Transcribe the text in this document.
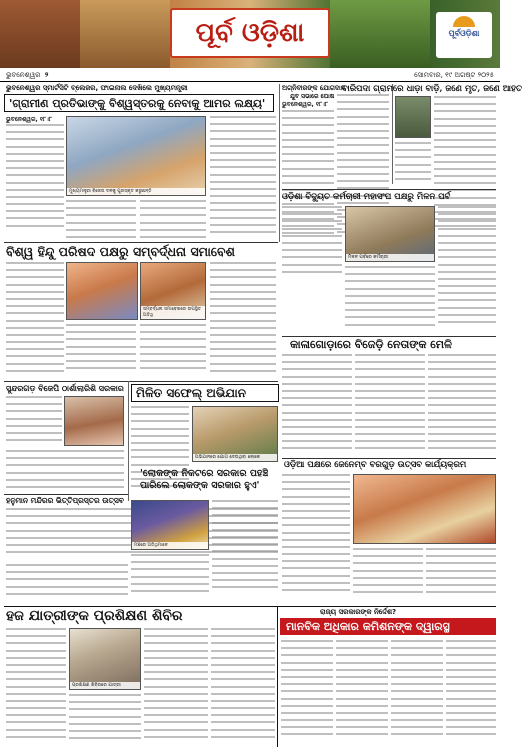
ପୂର୍ବ ଓଡ଼ିଶା	ପୂର୍ବଓଡ଼ିଶା
ଭୁବନେଶ୍ୱର ୨	ସୋମବାର, ୧୯ ଅଗଷ୍ଟ ୨୦୨୫
ଭୁବନେଶ୍ୱର ସ୍ମାର୍ଟସିଟି ବ୍ଲେଜର, ଫାଇନାଲ ଦେଖିଲେ ମୁଖ୍ୟମନ୍ତ୍ରୀ
'ଗ୍ରାମୀଣ ପ୍ରତିଭାଙ୍କୁ ବିଶ୍ୱସ୍ତରକୁ ନେବାକୁ ଆମର ଲକ୍ଷ୍ୟ'
ଭୁବନେଶ୍ୱର, ୧୮।୮
ମୁଖ୍ୟମନ୍ତ୍ରୀ ବିଜେତା ଦଳକୁ ପୁରସ୍କୃତ କରୁଛନ୍ତି
ଅଗ୍ନିବୀରଙ୍କ ଯୋଗଦାନ
ଯୁବ ସଭାରେ ଘୋଷ
ଭୁବନେଶ୍ୱର, ୧୮।୮
ବାରିପଦା ଗ୍ରାମରେ ଧାଡ଼ା ବାଡ଼ି, ଜଣେ ମୃତ, ଜଣେ ଆହତ
ଓଡ଼ିଶା ବିଦ୍ୟୁତ କର୍ମଚାରୀ ମହାସଂଘ ପକ୍ଷରୁ ମିଳନ ପର୍ବ
ମିଳନ ପର୍ବରେ କର୍ମଚାରୀ
ବିଶ୍ୱ ହିନ୍ଦୁ ପରିଷଦ ପକ୍ଷରୁ ସମ୍ବର୍ଦ୍ଧନା ସମାବେଶ
ସମ୍ବର୍ଦ୍ଧନା ସମାବେଶରେ ଉପସ୍ଥିତ ଅତିଥି
କାଳାଗୋଡ଼ାରେ ବିଜେଡ଼ି ନେତାଙ୍କ ମେଳି
ସୁନ୍ଦରଗଡ଼ ବିଜେପି ଠାର୍ଶାଲାରିଶି ସରକାର	ମିଳିତ ସଫେଲ୍ ଅଭିଯାନ
ଅଭିଯାନରେ ଯୋଗ ଦେଉଥିବା ଲୋକେ
ହନୁମାନ ମନ୍ଦିରର ଭିତ୍ତିପ୍ରସ୍ତର ଉତ୍ସବ
'ଲୋକଙ୍କ ନିକଟରେ ସରକାର ପହଞ୍ଚି ପାରିଲେ ଲୋକଙ୍କ ସରକାର ହୁଏ'
ଓଡ଼ିଆ ପକ୍ଷରେ ଜେନେମ୍ବ ବରଗୁଡ଼ ଉତ୍ସବ କାର୍ଯ୍ୟକ୍ରମ
ମଞ୍ଚରେ ଅତିଥିମାନେ
ହଜ ଯାତ୍ରୀଙ୍କ ପ୍ରଶିକ୍ଷଣ ଶିବିର
ପ୍ରଶିକ୍ଷଣ ଶିବିରରେ ଯାତ୍ରୀ
ରାଜ୍ୟ ସରକାରଙ୍କ ନିର୍ଦ୍ଦେଶ?
ମାନବିକ ଅଧିକାର କମିଶନଙ୍କ ଦ୍ୱାରସ୍ଥ
